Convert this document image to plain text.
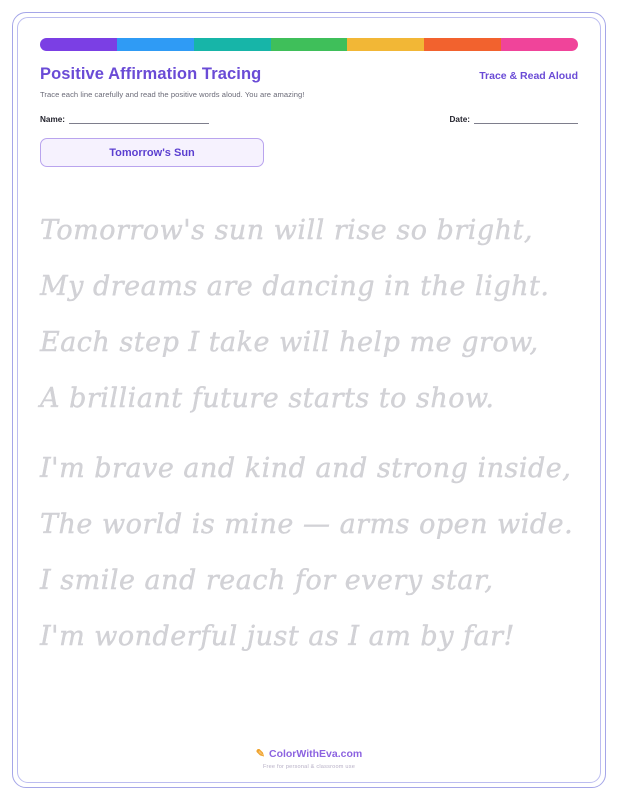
Positive Affirmation Tracing	Trace & Read Aloud
Trace each line carefully and read the positive words aloud. You are amazing!
Name:	Date:
Tomorrow's Sun
Tomorrow's sun will rise so bright,
My dreams are dancing in the light.
Each step I take will help me grow,
A brilliant future starts to show.
I'm brave and kind and strong inside,
The world is mine — arms open wide.
I smile and reach for every star,
I'm wonderful just as I am by far!
✎ ColorWithEva.com
Free for personal & classroom use
